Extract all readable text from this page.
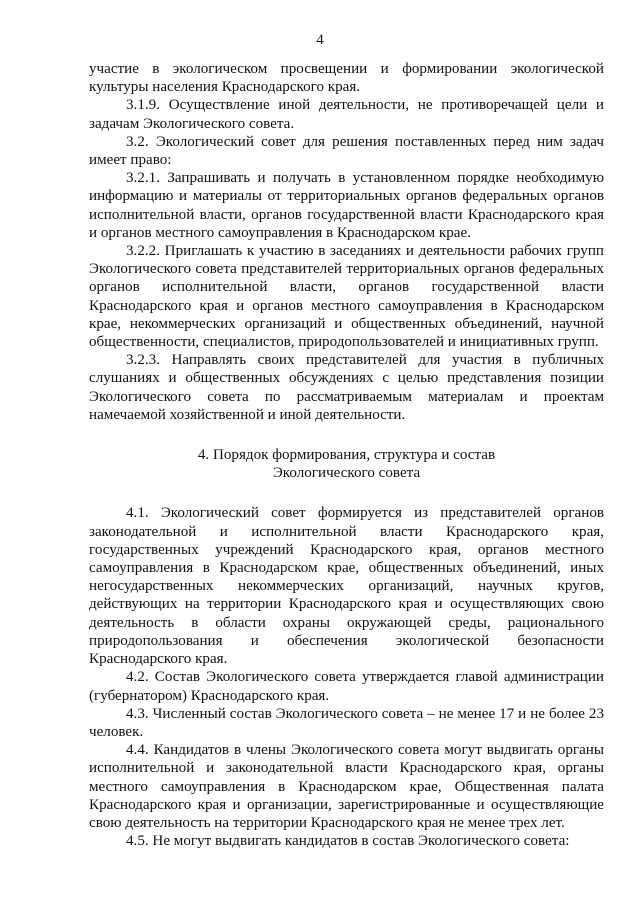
4

участие в экологическом просвещении и формировании экологической культуры населения Краснодарского края.

3.1.9. Осуществление иной деятельности, не противоречащей цели и задачам Экологического совета.

3.2. Экологический совет для решения поставленных перед ним задач имеет право:

3.2.1. Запрашивать и получать в установленном порядке необходимую информацию и материалы от территориальных органов федеральных органов исполнительной власти, органов государственной власти Краснодарского края и органов местного самоуправления в Краснодарском крае.

3.2.2. Приглашать к участию в заседаниях и деятельности рабочих групп Экологического совета представителей территориальных органов федеральных органов исполнительной власти, органов государственной власти Краснодарского края и органов местного самоуправления в Краснодарском крае, некоммерческих организаций и общественных объединений, научной общественности, специалистов, природопользователей и инициативных групп.

3.2.3. Направлять своих представителей для участия в публичных слушаниях и общественных обсуждениях с целью представления позиции Экологического совета по рассматриваемым материалам и проектам намечаемой хозяйственной и иной деятельности.

4. Порядок формирования, структура и состав
Экологического совета

4.1. Экологический совет формируется из представителей органов законодательной и исполнительной власти Краснодарского края, государственных учреждений Краснодарского края, органов местного самоуправления в Краснодарском крае, общественных объединений, иных негосударственных некоммерческих организаций, научных кругов, действующих на территории Краснодарского края и осуществляющих свою деятельность в области охраны окружающей среды, рационального природопользования и обеспечения экологической безопасности Краснодарского края.

4.2. Состав Экологического совета утверждается главой администрации (губернатором) Краснодарского края.

4.3. Численный состав Экологического совета – не менее 17 и не более 23 человек.

4.4. Кандидатов в члены Экологического совета могут выдвигать органы исполнительной и законодательной власти Краснодарского края, органы местного самоуправления в Краснодарском крае, Общественная палата Краснодарского края и организации, зарегистрированные и осуществляющие свою деятельность на территории Краснодарского края не менее трех лет.

4.5. Не могут выдвигать кандидатов в состав Экологического совета:
